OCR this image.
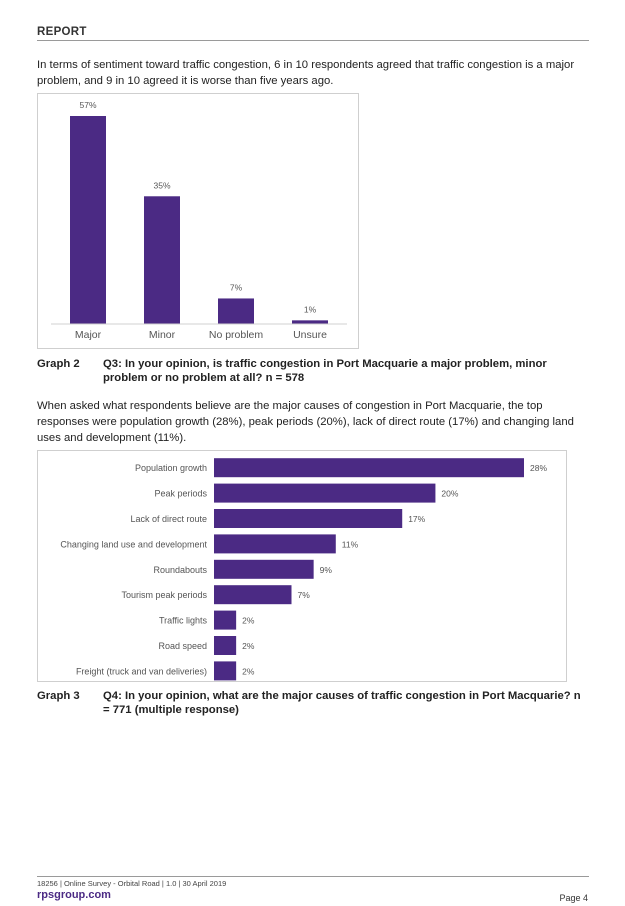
REPORT
In terms of sentiment toward traffic congestion, 6 in 10 respondents agreed that traffic congestion is a major problem, and 9 in 10 agreed it is worse than five years ago.
57%
Major
35%
Minor
7%
No problem
1%
Unsure
Graph 2 Q3: In your opinion, is traffic congestion in Port Macquarie a major problem, minor problem or no problem at all? n = 578
When asked what respondents believe are the major causes of congestion in Port Macquarie, the top responses were population growth (28%), peak periods (20%), lack of direct route (17%) and changing land uses and development (11%).
Population growth	28%
Peak periods	20%
Lack of direct route	17%
Changing land use and development	11%
Roundabouts	9%
Tourism peak periods	7%
Traffic lights	2%
Road speed	2%
Freight (truck and van deliveries)	2%
Graph 3 Q4: In your opinion, what are the major causes of traffic congestion in Port Macquarie? n = 771 (multiple response)
18256 | Online Survey - Orbital Road | 1.0 | 30 April 2019
rpsgroup.com	Page 4
